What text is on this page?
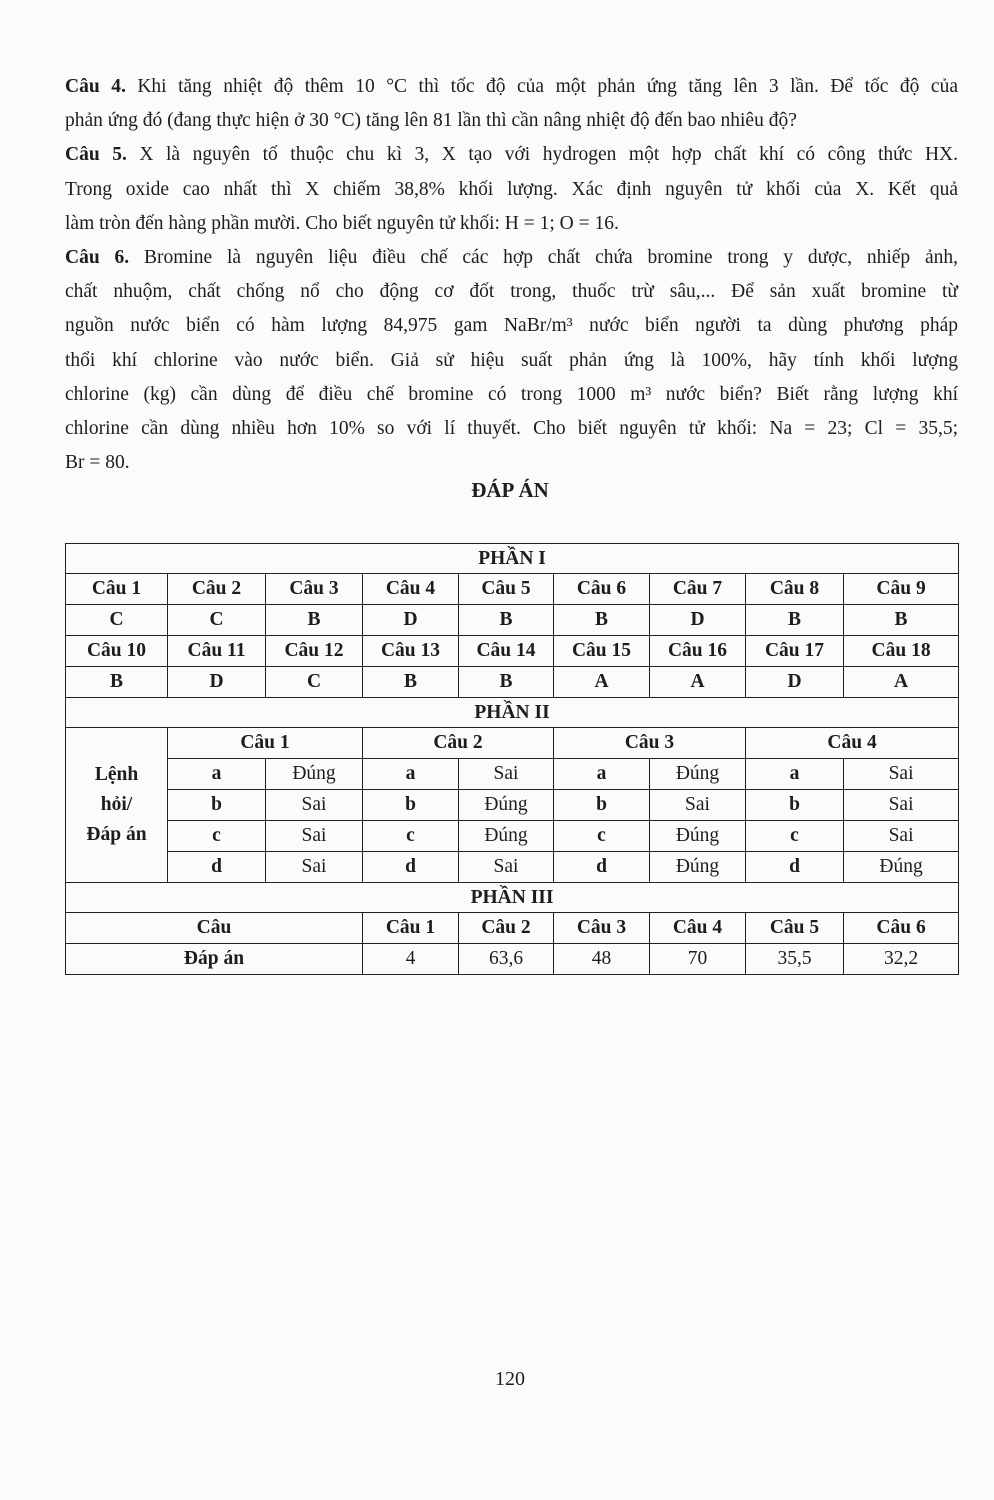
Câu 4. Khi tăng nhiệt độ thêm 10 °C thì tốc độ của một phản ứng tăng lên 3 lần. Để tốc độ của
phản ứng đó (đang thực hiện ở 30 °C) tăng lên 81 lần thì cần nâng nhiệt độ đến bao nhiêu độ?
Câu 5. X là nguyên tố thuộc chu kì 3, X tạo với hydrogen một hợp chất khí có công thức HX.
Trong oxide cao nhất thì X chiếm 38,8% khối lượng. Xác định nguyên tử khối của X. Kết quả
làm tròn đến hàng phần mười. Cho biết nguyên tử khối: H = 1; O = 16.
Câu 6. Bromine là nguyên liệu điều chế các hợp chất chứa bromine trong y dược, nhiếp ảnh,
chất nhuộm, chất chống nổ cho động cơ đốt trong, thuốc trừ sâu,... Để sản xuất bromine từ
nguồn nước biển có hàm lượng 84,975 gam NaBr/m³ nước biển người ta dùng phương pháp
thổi khí chlorine vào nước biển. Giả sử hiệu suất phản ứng là 100%, hãy tính khối lượng
chlorine (kg) cần dùng để điều chế bromine có trong 1000 m³ nước biển? Biết rằng lượng khí
chlorine cần dùng nhiều hơn 10% so với lí thuyết. Cho biết nguyên tử khối: Na = 23; Cl = 35,5;
Br = 80.
ĐÁP ÁN
PHẦN I								
Câu 1	Câu 2	Câu 3	Câu 4	Câu 5	Câu 6	Câu 7	Câu 8	Câu 9
C	C	B	D	B	B	D	B	B
Câu 10	Câu 11	Câu 12	Câu 13	Câu 14	Câu 15	Câu 16	Câu 17	Câu 18
B	D	C	B	B	A	A	D	A
PHẦN II								

Lệnh
hỏi/
Đáp án	Câu 1		Câu 2		Câu 3		Câu 4	
	a	Đúng	a	Sai	a	Đúng	a	Sai
	b	Sai	b	Đúng	b	Sai	b	Sai
	c	Sai	c	Đúng	c	Đúng	c	Sai
	d	Sai	d	Sai	d	Đúng	d	Đúng
PHẦN III								
Câu			Câu 1	Câu 2	Câu 3	Câu 4	Câu 5	Câu 6
Đáp án			4	63,6	48	70	35,5	32,2
120
